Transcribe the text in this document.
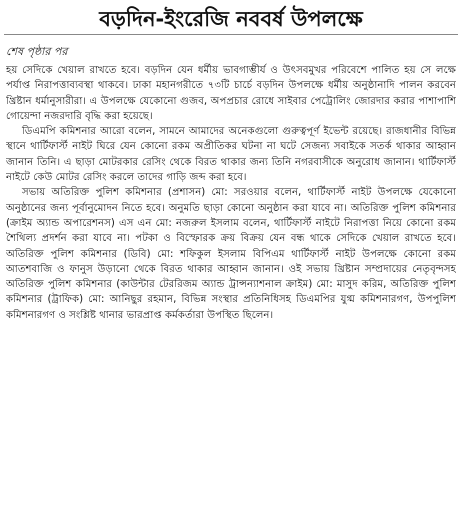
বড়দিন-ইংরেজি নববর্ষ উপলক্ষে
শেষ পৃষ্ঠার পর

হয় সেদিকে খেয়াল রাখতে হবে। বড়দিন যেন ধর্মীয় ভাবগাম্ভীর্য ও উৎসবমুখর পরিবেশে পালিত হয় সে লক্ষে পর্যাপ্ত নিরাপত্তাব্যবস্থা থাকবে। ঢাকা মহানগরীতে ৭৩টি চার্চে বড়দিন উপলক্ষে ধর্মীয় অনুষ্ঠানাদি পালন করবেন খ্রিষ্টান ধর্মানুসারীরা। এ উপলক্ষে যেকোনো গুজব, অপপ্রচার রোধে সাইবার পেট্রোলিং জোরদার করার পাশাপাশি গোয়েন্দা নজরদারি বৃদ্ধি করা হয়েছে।

ডিএমপি কমিশনার আরো বলেন, সামনে আমাদের অনেকগুলো গুরুত্বপূর্ণ ইভেন্ট রয়েছে। রাজধানীর বিভিন্ন স্থানে থার্টিফার্স্ট নাইট ঘিরে যেন কোনো রকম অপ্রীতিকর ঘটনা না ঘটে সেজন্য সবাইকে সতর্ক থাকার আহ্বান জানান তিনি। এ ছাড়া মোটরকার রেসিং থেকে বিরত থাকার জন্য তিনি নগরবাসীকে অনুরোধ জানান। থার্টিফার্স্ট নাইটে কেউ মোটর রেসিং করলে তাদের গাড়ি জব্দ করা হবে।

সভায় অতিরিক্ত পুলিশ কমিশনার (প্রশাসন) মো: সরওয়ার বলেন, থার্টিফার্স্ট নাইট উপলক্ষে যেকোনো অনুষ্ঠানের জন্য পূর্বানুমোদন নিতে হবে। অনুমতি ছাড়া কোনো অনুষ্ঠান করা যাবে না। অতিরিক্ত পুলিশ কমিশনার (ক্রাইম অ্যান্ড অপারেশনস) এস এন মো: নজরুল ইসলাম বলেন, থার্টিফার্স্ট নাইটে নিরাপত্তা নিয়ে কোনো রকম শৈথিল্য প্রদর্শন করা যাবে না। পটকা ও বিস্ফোরক ক্রয় বিক্রয় যেন বন্ধ থাকে সেদিকে খেয়াল রাখতে হবে। অতিরিক্ত পুলিশ কমিশনার (ডিবি) মো: শফিকুল ইসলাম বিপিএম থার্টিফার্স্ট নাইট উপলক্ষে কোনো রকম আতশবাজি ও ফানুস উড়ানো থেকে বিরত থাকার আহ্বান জানান। ওই সভায় খ্রিষ্টান সম্প্রদায়ের নেতৃবৃন্দসহ অতিরিক্ত পুলিশ কমিশনার (কাউন্টার টেররিজম অ্যান্ড ট্রান্সন্যাশনাল ক্রাইম) মো: মাসুদ করিম, অতিরিক্ত পুলিশ কমিশনার (ট্রাফিক) মো: আনিছুর রহমান, বিভিন্ন সংস্থার প্রতিনিধিসহ ডিএমপির যুগ্ম কমিশনারগণ, উপপুলিশ কমিশনারগণ ও সংশ্লিষ্ট থানার ভারপ্রাপ্ত কর্মকর্তারা উপস্থিত ছিলেন।
